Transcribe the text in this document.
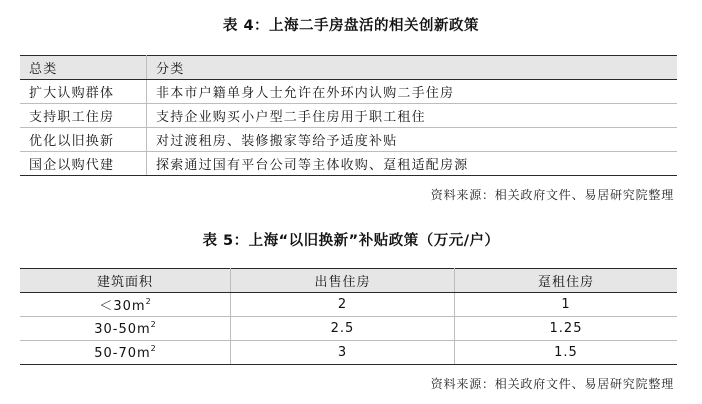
表 4：上海二手房盘活的相关创新政策
总类	分类
扩大认购群体	非本市户籍单身人士允许在外环内认购二手住房
支持职工住房	支持企业购买小户型二手住房用于职工租住
优化以旧换新	对过渡租房、装修搬家等给予适度补贴
国企以购代建	探索通过国有平台公司等主体收购、趸租适配房源
资料来源：相关政府文件、易居研究院整理
表 5：上海“以旧换新”补贴政策（万元/户）
建筑面积	出售住房	趸租住房
$<30m^2$	2	1
$30-50m^2$	2.5	1.25
$50-70m^2$	3	1.5
资料来源：相关政府文件、易居研究院整理
